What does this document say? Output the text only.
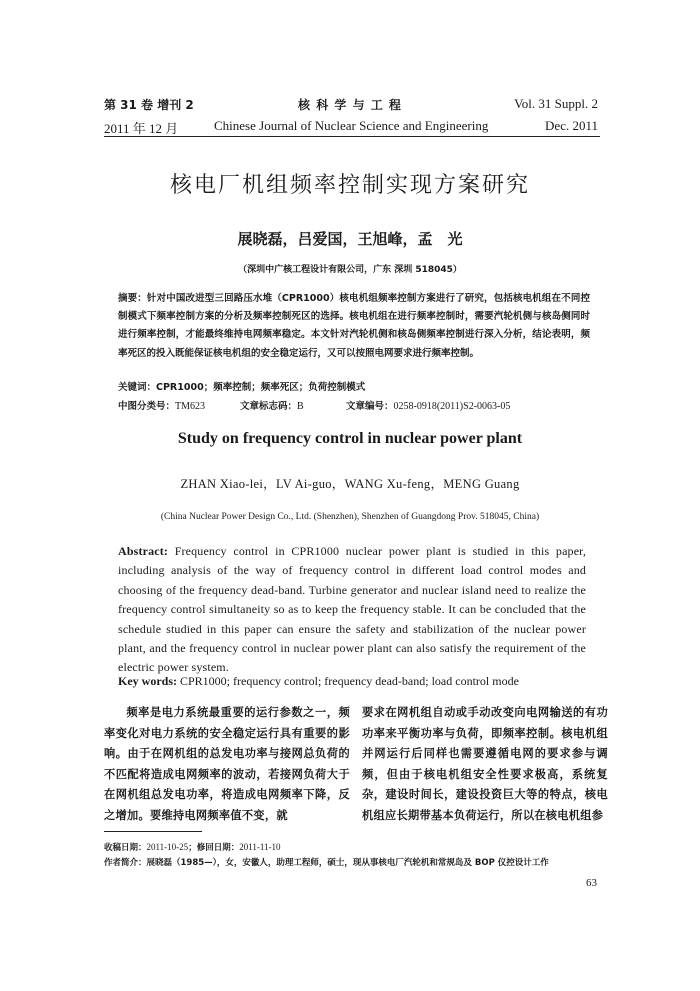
第 31 卷 增刊 2
2011 年 12 月
核 科 学 与 工 程
Chinese Journal of Nuclear Science and Engineering
Vol. 31 Suppl. 2
Dec. 2011
核电厂机组频率控制实现方案研究
展晓磊，吕爱国，王旭峰，孟　光
（深圳中广核工程设计有限公司，广东 深圳 518045）
摘要：针对中国改进型三回路压水堆（CPR1000）核电机组频率控制方案进行了研究，包括核电机组在不同控制模式下频率控制方案的分析及频率控制死区的选择。核电机组在进行频率控制时，需要汽轮机侧与核岛侧同时进行频率控制，才能最终维持电网频率稳定。本文针对汽轮机侧和核岛侧频率控制进行深入分析，结论表明，频率死区的投入既能保证核电机组的安全稳定运行，又可以按照电网要求进行频率控制。
关键词：CPR1000；频率控制；频率死区；负荷控制模式
中图分类号：TM623	文章标志码：B	文章编号：0258-0918(2011)S2-0063-05
Study on frequency control in nuclear power plant
ZHAN Xiao-lei，LV Ai-guo，WANG Xu-feng，MENG Guang
(China Nuclear Power Design Co., Ltd. (Shenzhen), Shenzhen of Guangdong Prov. 518045, China)
Abstract: Frequency control in CPR1000 nuclear power plant is studied in this paper, including analysis of the way of frequency control in different load control modes and choosing of the frequency dead-band. Turbine generator and nuclear island need to realize the frequency control simultaneity so as to keep the frequency stable. It can be concluded that the schedule studied in this paper can ensure the safety and stabilization of the nuclear power plant, and the frequency control in nuclear power plant can also satisfy the requirement of the electric power system.
Key words: CPR1000; frequency control; frequency dead-band; load control mode
频率是电力系统最重要的运行参数之一，频率变化对电力系统的安全稳定运行具有重要的影响。由于在网机组的总发电功率与接网总负荷的不匹配将造成电网频率的波动，若接网负荷大于在网机组总发电功率，将造成电网频率下降，反之增加。要维持电网频率值不变，就
要求在网机组自动或手动改变向电网输送的有功功率来平衡功率与负荷，即频率控制。核电机组并网运行后同样也需要遵循电网的要求参与调频，但由于核电机组安全性要求极高，系统复杂，建设时间长，建设投资巨大等的特点，核电机组应长期带基本负荷运行，所以在核电机组参
收稿日期：2011-10-25；修回日期：2011-11-10
作者简介：展晓磊（1985—），女，安徽人，助理工程师，硕士，现从事核电厂汽轮机和常规岛及 BOP 仪控设计工作
63
